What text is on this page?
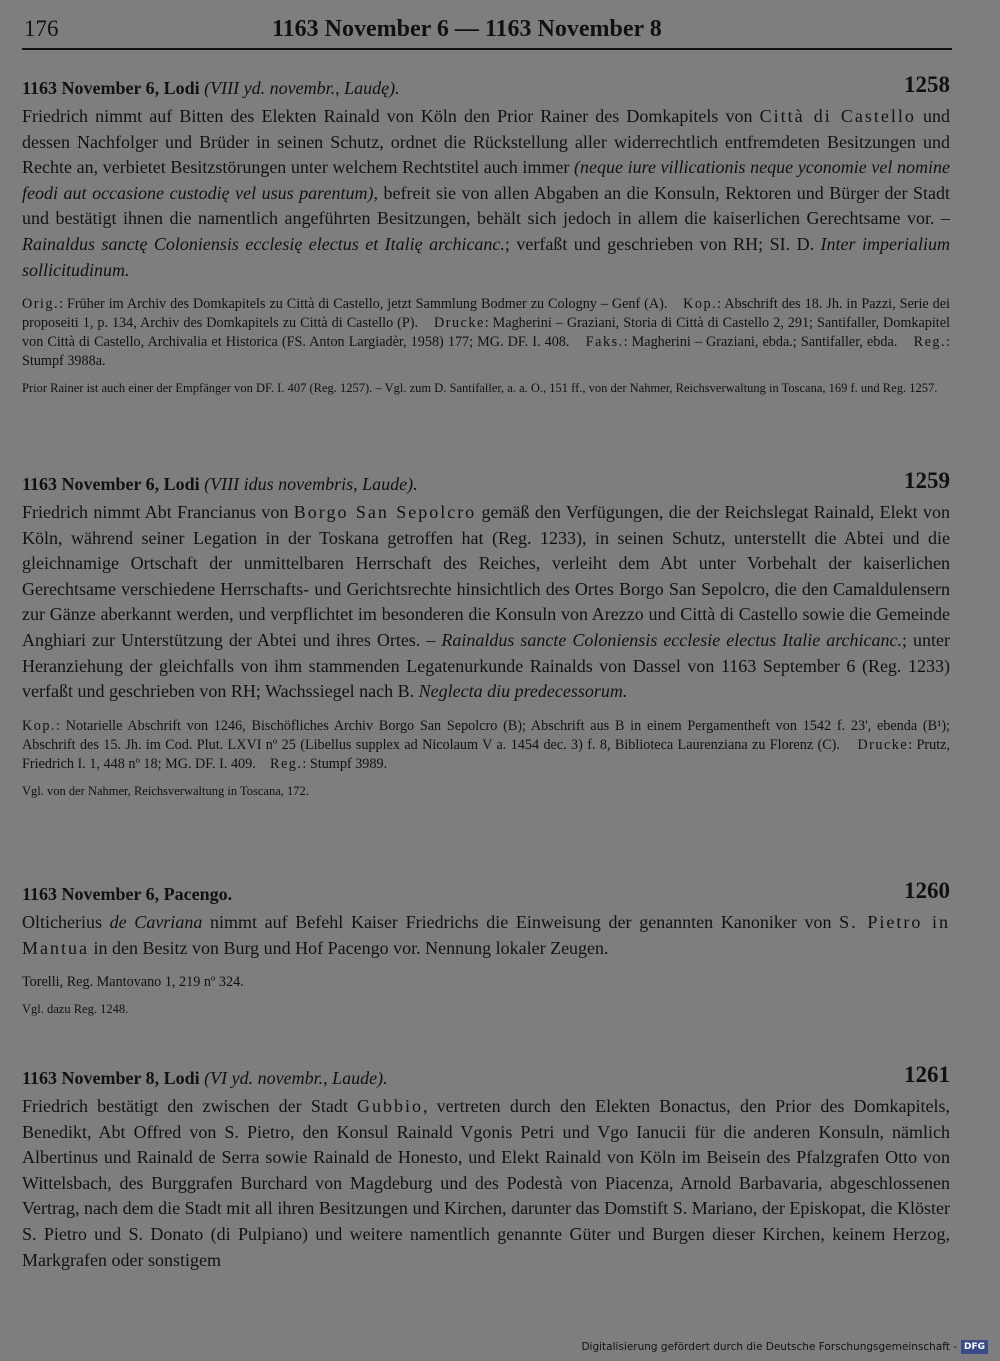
176	1163 November 6 — 1163 November 8
1163 November 6, Lodi (VIII yd. novembr., Laudę).	1258

Friedrich nimmt auf Bitten des Elekten Rainald von Köln den Prior Rainer des Domkapitels von Città di Castello und dessen Nachfolger und Brüder in seinen Schutz, ordnet die Rückstellung aller widerrechtlich entfremdeten Besitzungen und Rechte an, verbietet Besitzstörungen unter welchem Rechtstitel auch immer (neque iure villicationis neque yconomie vel nomine feodi aut occasione custodię vel usus parentum), befreit sie von allen Abgaben an die Konsuln, Rektoren und Bürger der Stadt und bestätigt ihnen die namentlich angeführten Besitzungen, behält sich jedoch in allem die kaiserlichen Gerechtsame vor. – Rainaldus sanctę Coloniensis ecclesię electus et Italię archicanc.; verfaßt und geschrieben von RH; SI. D. Inter imperialium sollicitudinum.

Orig.: Früher im Archiv des Domkapitels zu Città di Castello, jetzt Sammlung Bodmer zu Cologny – Genf (A). Kop.: Abschrift des 18. Jh. in Pazzi, Serie dei proposeiti 1, p. 134, Archiv des Domkapitels zu Città di Castello (P). Drucke: Magherini – Graziani, Storia di Città di Castello 2, 291; Santifaller, Domkapitel von Città di Castello, Archivalia et Historica (FS. Anton Largiadèr, 1958) 177; MG. DF. I. 408. Faks.: Magherini – Graziani, ebda.; Santifaller, ebda. Reg.: Stumpf 3988a.

Prior Rainer ist auch einer der Empfänger von DF. I. 407 (Reg. 1257). – Vgl. zum D. Santifaller, a. a. O., 151 ff., von der Nahmer, Reichsverwaltung in Toscana, 169 f. und Reg. 1257.

1163 November 6, Lodi (VIII idus novembris, Laude).	1259

Friedrich nimmt Abt Francianus von Borgo San Sepolcro gemäß den Verfügungen, die der Reichslegat Rainald, Elekt von Köln, während seiner Legation in der Toskana getroffen hat (Reg. 1233), in seinen Schutz, unterstellt die Abtei und die gleichnamige Ortschaft der unmittelbaren Herrschaft des Reiches, verleiht dem Abt unter Vorbehalt der kaiserlichen Gerechtsame verschiedene Herrschafts- und Gerichtsrechte hinsichtlich des Ortes Borgo San Sepolcro, die den Camaldulensern zur Gänze aberkannt werden, und verpflichtet im besonderen die Konsuln von Arezzo und Città di Castello sowie die Gemeinde Anghiari zur Unterstützung der Abtei und ihres Ortes. – Rainaldus sancte Coloniensis ecclesie electus Italie archicanc.; unter Heranziehung der gleichfalls von ihm stammenden Legatenurkunde Rainalds von Dassel von 1163 September 6 (Reg. 1233) verfaßt und geschrieben von RH; Wachssiegel nach B. Neglecta diu predecessorum.

Kop.: Notarielle Abschrift von 1246, Bischöfliches Archiv Borgo San Sepolcro (B); Abschrift aus B in einem Pergamentheft von 1542 f. 23', ebenda (B¹); Abschrift des 15. Jh. im Cod. Plut. LXVI nº 25 (Libellus supplex ad Nicolaum V a. 1454 dec. 3) f. 8, Biblioteca Laurenziana zu Florenz (C). Drucke: Prutz, Friedrich I. 1, 448 nº 18; MG. DF. I. 409. Reg.: Stumpf 3989.

Vgl. von der Nahmer, Reichsverwaltung in Toscana, 172.

1163 November 6, Pacengo.	1260

Olticherius de Cavriana nimmt auf Befehl Kaiser Friedrichs die Einweisung der genannten Kanoniker von S. Pietro in Mantua in den Besitz von Burg und Hof Pacengo vor. Nennung lokaler Zeugen.

Torelli, Reg. Mantovano 1, 219 nº 324.

Vgl. dazu Reg. 1248.

1163 November 8, Lodi (VI yd. novembr., Laude).	1261

Friedrich bestätigt den zwischen der Stadt Gubbio, vertreten durch den Elekten Bonactus, den Prior des Domkapitels, Benedikt, Abt Offred von S. Pietro, den Konsul Rainald Vgonis Petri und Vgo Ianucii für die anderen Konsuln, nämlich Albertinus und Rainald de Serra sowie Rainald de Honesto, und Elekt Rainald von Köln im Beisein des Pfalzgrafen Otto von Wittelsbach, des Burggrafen Burchard von Magdeburg und des Podestà von Piacenza, Arnold Barbavaria, abgeschlossenen Vertrag, nach dem die Stadt mit all ihren Besitzungen und Kirchen, darunter das Domstift S. Mariano, der Episkopat, die Klöster S. Pietro und S. Donato (di Pulpiano) und weitere namentlich genannte Güter und Burgen dieser Kirchen, keinem Herzog, Markgrafen oder sonstigem

Digitalisierung gefördert durch die Deutsche Forschungsgemeinschaft - DFG
